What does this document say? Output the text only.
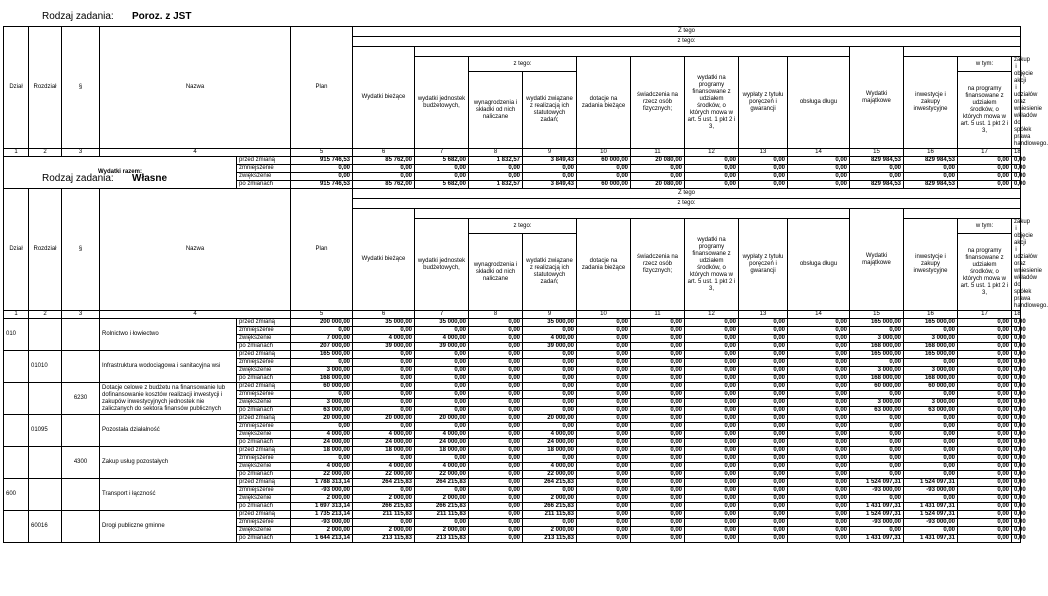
Rodzaj zadania: Poroz. z JST
Dział	Rozdział	§	Nazwa		Plan	Z tego												
						z tego:												
						Wydatki bieżące									Wydatki majątkowe			
							wydatki jednostek budżetowych,	z tego:		dotacje na zadania bieżące	świadczenia na rzecz osób fizycznych;	wydatki na programy finansowane z udziałem środków, o których mowa w art. 5 ust. 1 pkt 2 i 3,	wypłaty z tytułu poręczeń i gwarancji	obsługa długu		inwestycje i zakupy inwestycyjne	w tym:	zakup i objęcie akcji i udziałów oraz wniesienie wkładów do spółek prawa handlowego.
								wynagrodzenia i składki od nich naliczane	wydatki związane z realizacją ich statutowych zadań;								na programy finansowane z udziałem środków, o których mowa w art. 5 ust. 1 pkt 2 i 3,	
1	2	3	4		5	6	7	8	9	10	11	12	13	14	15	16	17	18
Wydatki razem:				przed zmianą	915 746,53	85 762,00	5 682,00	1 832,57	3 849,43	60 000,00	20 080,00	0,00	0,00	0,00	829 984,53	829 984,53	0,00	0,00
				zmniejszenie	0,00	0,00	0,00	0,00	0,00	0,00	0,00	0,00	0,00	0,00	0,00	0,00	0,00	0,00
				zwiększenie	0,00	0,00	0,00	0,00	0,00	0,00	0,00	0,00	0,00	0,00	0,00	0,00	0,00	0,00
				po zmianach	915 746,53	85 762,00	5 682,00	1 832,57	3 849,43	60 000,00	20 080,00	0,00	0,00	0,00	829 984,53	829 984,53	0,00	0,00
Rodzaj zadania: Własne
Dział	Rozdział	§	Nazwa		Plan	Z tego												
						z tego:												
						Wydatki bieżące									Wydatki majątkowe			
							wydatki jednostek budżetowych,	z tego:		dotacje na zadania bieżące	świadczenia na rzecz osób fizycznych;	wydatki na programy finansowane z udziałem środków, o których mowa w art. 5 ust. 1 pkt 2 i 3,	wypłaty z tytułu poręczeń i gwarancji	obsługa długu		inwestycje i zakupy inwestycyjne	w tym:	zakup i objęcie akcji i udziałów oraz wniesienie wkładów do spółek prawa handlowego.
								wynagrodzenia i składki od nich naliczane	wydatki związane z realizacją ich statutowych zadań;								na programy finansowane z udziałem środków, o których mowa w art. 5 ust. 1 pkt 2 i 3,	
1	2	3	4		5	6	7	8	9	10	11	12	13	14	15	16	17	18
010			Rolnictwo i łowiectwo	przed zmianą	200 000,00	35 000,00	35 000,00	0,00	35 000,00	0,00	0,00	0,00	0,00	0,00	165 000,00	165 000,00	0,00	0,00
				zmniejszenie	0,00	0,00	0,00	0,00	0,00	0,00	0,00	0,00	0,00	0,00	0,00	0,00	0,00	0,00
				zwiększenie	7 000,00	4 000,00	4 000,00	0,00	4 000,00	0,00	0,00	0,00	0,00	0,00	3 000,00	3 000,00	0,00	0,00
				po zmianach	207 000,00	39 000,00	39 000,00	0,00	39 000,00	0,00	0,00	0,00	0,00	0,00	168 000,00	168 000,00	0,00	0,00
	01010		Infrastruktura wodociągowa i sanitacyjna wsi	przed zmianą	165 000,00	0,00	0,00	0,00	0,00	0,00	0,00	0,00	0,00	0,00	165 000,00	165 000,00	0,00	0,00
				zmniejszenie	0,00	0,00	0,00	0,00	0,00	0,00	0,00	0,00	0,00	0,00	0,00	0,00	0,00	0,00
				zwiększenie	3 000,00	0,00	0,00	0,00	0,00	0,00	0,00	0,00	0,00	0,00	3 000,00	3 000,00	0,00	0,00
				po zmianach	168 000,00	0,00	0,00	0,00	0,00	0,00	0,00	0,00	0,00	0,00	168 000,00	168 000,00	0,00	0,00
		6230	Dotacje celowe z budżetu na finansowanie lub dofinansowanie kosztów realizacji inwestycji i zakupów inwestycyjnych jednostek nie zaliczanych do sektora finansów publicznych	przed zmianą	60 000,00	0,00	0,00	0,00	0,00	0,00	0,00	0,00	0,00	0,00	60 000,00	60 000,00	0,00	0,00
				zmniejszenie	0,00	0,00	0,00	0,00	0,00	0,00	0,00	0,00	0,00	0,00	0,00	0,00	0,00	0,00
				zwiększenie	3 000,00	0,00	0,00	0,00	0,00	0,00	0,00	0,00	0,00	0,00	3 000,00	3 000,00	0,00	0,00
				po zmianach	63 000,00	0,00	0,00	0,00	0,00	0,00	0,00	0,00	0,00	0,00	63 000,00	63 000,00	0,00	0,00
	01095		Pozostała działalność	przed zmianą	20 000,00	20 000,00	20 000,00	0,00	20 000,00	0,00	0,00	0,00	0,00	0,00	0,00	0,00	0,00	0,00
				zmniejszenie	0,00	0,00	0,00	0,00	0,00	0,00	0,00	0,00	0,00	0,00	0,00	0,00	0,00	0,00
				zwiększenie	4 000,00	4 000,00	4 000,00	0,00	4 000,00	0,00	0,00	0,00	0,00	0,00	0,00	0,00	0,00	0,00
				po zmianach	24 000,00	24 000,00	24 000,00	0,00	24 000,00	0,00	0,00	0,00	0,00	0,00	0,00	0,00	0,00	0,00
		4300	Zakup usług pozostałych	przed zmianą	18 000,00	18 000,00	18 000,00	0,00	18 000,00	0,00	0,00	0,00	0,00	0,00	0,00	0,00	0,00	0,00
				zmniejszenie	0,00	0,00	0,00	0,00	0,00	0,00	0,00	0,00	0,00	0,00	0,00	0,00	0,00	0,00
				zwiększenie	4 000,00	4 000,00	4 000,00	0,00	4 000,00	0,00	0,00	0,00	0,00	0,00	0,00	0,00	0,00	0,00
				po zmianach	22 000,00	22 000,00	22 000,00	0,00	22 000,00	0,00	0,00	0,00	0,00	0,00	0,00	0,00	0,00	0,00
600			Transport i łączność	przed zmianą	1 788 313,14	264 215,83	264 215,83	0,00	264 215,83	0,00	0,00	0,00	0,00	0,00	1 524 097,31	1 524 097,31	0,00	0,00
				zmniejszenie	-93 000,00	0,00	0,00	0,00	0,00	0,00	0,00	0,00	0,00	0,00	-93 000,00	-93 000,00	0,00	0,00
				zwiększenie	2 000,00	2 000,00	2 000,00	0,00	2 000,00	0,00	0,00	0,00	0,00	0,00	0,00	0,00	0,00	0,00
				po zmianach	1 697 313,14	266 215,83	266 215,83	0,00	266 215,83	0,00	0,00	0,00	0,00	0,00	1 431 097,31	1 431 097,31	0,00	0,00
	60016		Drogi publiczne gminne	przed zmianą	1 735 213,14	211 115,83	211 115,83	0,00	211 115,83	0,00	0,00	0,00	0,00	0,00	1 524 097,31	1 524 097,31	0,00	0,00
				zmniejszenie	-93 000,00	0,00	0,00	0,00	0,00	0,00	0,00	0,00	0,00	0,00	-93 000,00	-93 000,00	0,00	0,00
				zwiększenie	2 000,00	2 000,00	2 000,00	0,00	2 000,00	0,00	0,00	0,00	0,00	0,00	0,00	0,00	0,00	0,00
				po zmianach	1 644 213,14	213 115,83	213 115,83	0,00	213 115,83	0,00	0,00	0,00	0,00	0,00	1 431 097,31	1 431 097,31	0,00	0,00
